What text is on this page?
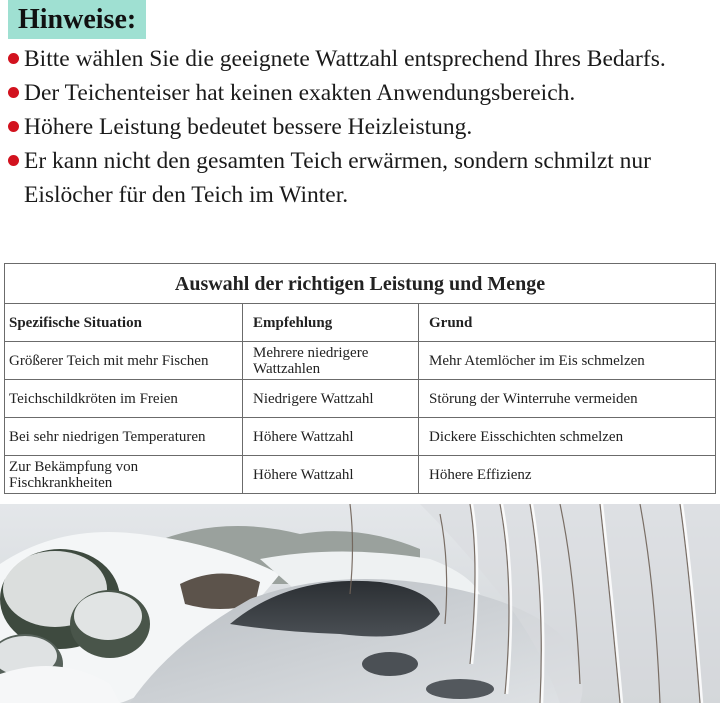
Hinweise:
Bitte wählen Sie die geeignete Wattzahl entsprechend Ihres Bedarfs.
Der Teichenteiser hat keinen exakten Anwendungsbereich.
Höhere Leistung bedeutet bessere Heizleistung.
Er kann nicht den gesamten Teich erwärmen, sondern schmilzt nur Eislöcher für den Teich im Winter.
Auswahl der richtigen Leistung und Menge		
Spezifische Situation	Empfehlung	Grund
Größerer Teich mit mehr Fischen	Mehrere niedrigere Wattzahlen	Mehr Atemlöcher im Eis schmelzen
Teichschildkröten im Freien	Niedrigere Wattzahl	Störung der Winterruhe vermeiden
Bei sehr niedrigen Temperaturen	Höhere Wattzahl	Dickere Eisschichten schmelzen
Zur Bekämpfung von Fischkrankheiten	Höhere Wattzahl	Höhere Effizienz
